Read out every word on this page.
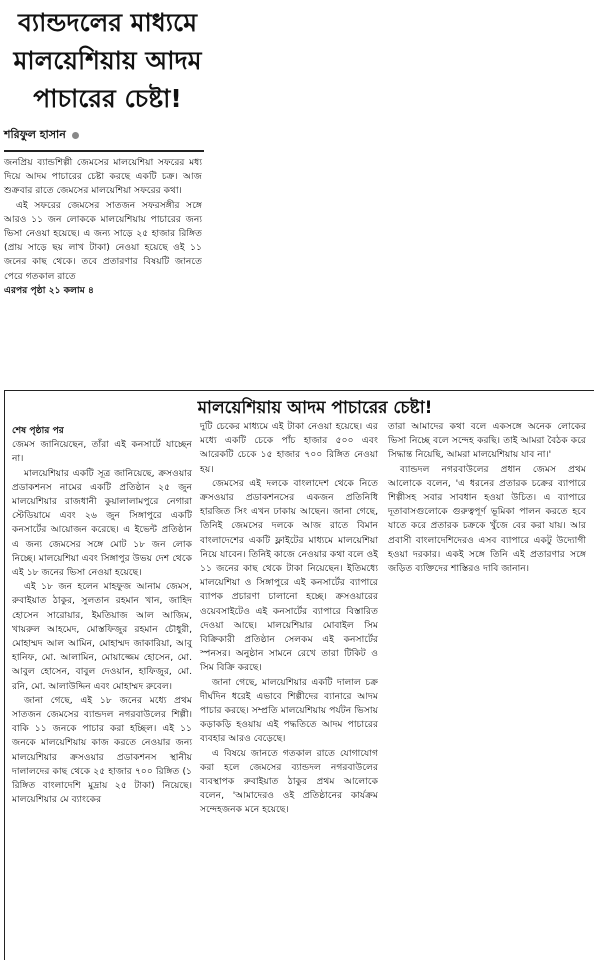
ব্যান্ডদলের মাধ্যমে
মালয়েশিয়ায় আদম
পাচারের চেষ্টা!
শরিফুল হাসান

জনপ্রিয় ব্যান্ডশিল্পী জেমসের মালয়েশিয়া সফরের মধ্য দিয়ে আদম পাচারের চেষ্টা করছে একটি চক্র। আজ শুক্রবার রাতে জেমসের মালয়েশিয়া সফরের কথা।

এই সফরের জেমসের সাতজন সফরসঙ্গীর সঙ্গে আরও ১১ জন লোককে মালয়েশিয়ায় পাচারের জন্য ভিসা নেওয়া হয়েছে। এ জন্য সাড়ে ২৫ হাজার রিঙ্গিত (প্রায় সাড়ে ছয় লাখ টাকা) নেওয়া হয়েছে ওই ১১ জনের কাছ থেকে। তবে প্রতারণার বিষয়টি জানতে পেরে গতকাল রাতে

এরপর পৃষ্ঠা ২১ কলাম ৪

মালয়েশিয়ায় আদম পাচারের চেষ্টা!

শেষ পৃষ্ঠার পর

জেমস জানিয়েছেন, তাঁরা এই কনসার্টে যাচ্ছেন না।

মালয়েশিয়ার একটি সূত্র জানিয়েছে, ক্রসওয়ার প্রডাকশনস নামের একটি প্রতিষ্ঠান ২৫ জুন মালয়েশিয়ার রাজধানী কুয়ালালামপুরে নেগারা স্টেডিয়ামে এবং ২৬ জুন সিঙ্গাপুরে একটি কনসার্টের আয়োজন করেছে। এ ইভেন্ট প্রতিষ্ঠান এ জন্য জেমসের সঙ্গে মোট ১৮ জন লোক নিচ্ছে। মালয়েশিয়া এবং সিঙ্গাপুর উভয় দেশ থেকে এই ১৮ জনের ভিসা নেওয়া হয়েছে।

এই ১৮ জন হলেন মাহফুজ আনাম জেমস, রুবাইয়াত ঠাকুর, সুলতান রহমান খান, জাহিদ হোসেন সারোয়ার, ইমতিয়াজ আল আজিম, খায়রুল আহমেদ, মোস্তফিজুর রহমান চৌধুরী, মোহাম্মদ আল আমিন, মোহাম্মদ জাকারিয়া, আবু হানিফ, মো. আলামিন, মোয়াজ্জেম হোসেন, মো. আবুল হোসেন, বাবুল দেওয়ান, হাফিজুর, মো. রনি, মো. আলাউদ্দিন এবং মোহাম্মদ রুবেল।

জানা গেছে, এই ১৮ জনের মধ্যে প্রথম সাতজন জেমসের ব্যান্ডদল নগরবাউলের শিল্পী। বাকি ১১ জনকে পাচার করা হচ্ছিল। এই ১১ জনকে মালয়েশিয়ায় কাজ করতে নেওয়ার জন্য মালয়েশিয়ার ক্রসওয়ার প্রডাকশনস স্থানীয় দালালদের কাছ থেকে ২৫ হাজার ৭০০ রিঙ্গিত (১ রিঙ্গিত বাংলাদেশি মুদ্রায় ২৫ টাকা) নিয়েছে। মালয়েশিয়ার মে ব্যাংকের

দুটি চেকের মাধ্যমে এই টাকা নেওয়া হয়েছে। এর মধ্যে একটি চেকে পাঁচ হাজার ৫০০ এবং আরেকটি চেকে ১৫ হাজার ৭০০ রিঙ্গিত নেওয়া হয়।

জেমসের এই দলকে বাংলাদেশ থেকে নিতে ক্রসওয়ার প্রডাকশনসের একজন প্রতিনিধি হারজিত সিং এখন ঢাকায় আছেন। জানা গেছে, তিনিই জেমসের দলকে আজ রাতে বিমান বাংলাদেশের একটি ফ্লাইটের মাধ্যমে মালয়েশিয়া নিয়ে যাবেন। তিনিই কাজে নেওয়ার কথা বলে ওই ১১ জনের কাছ থেকে টাকা নিয়েছেন। ইতিমধ্যে মালয়েশিয়া ও সিঙ্গাপুরে এই কনসার্টের ব্যাপারে ব্যাপক প্রচারণা চালানো হচ্ছে। ক্রসওয়ারের ওয়েবসাইটেও এই কনসার্টের ব্যাপারে বিস্তারিত দেওয়া আছে। মালয়েশিয়ার মোবাইল সিম বিক্রিকারী প্রতিষ্ঠান সেলকম এই কনসার্টের স্পনসর। অনুষ্ঠান সামনে রেখে তারা টিকিট ও সিম বিক্রি করছে।

জানা গেছে, মালয়েশিয়ার একটি দালাল চক্র দীর্ঘদিন ধরেই এভাবে শিল্পীদের ব্যানারে আদম পাচার করছে। সম্প্রতি মালয়েশিয়ায় পর্যটন ভিসায় কড়াকড়ি হওয়ায় এই পদ্ধতিতে আদম পাচারের ব্যবহার আরও বেড়েছে।

এ বিষয়ে জানতে গতকাল রাতে যোগাযোগ করা হলে জেমসের ব্যান্ডদল নগরবাউলের ব্যবস্থাপক রুবাইয়াত ঠাকুর প্রথম আলোকে বলেন, 'আমাদেরও ওই প্রতিষ্ঠানের কার্যক্রম সন্দেহজনক মনে হয়েছে।

তারা আমাদের কথা বলে একসঙ্গে অনেক লোকের ভিসা নিচ্ছে বলে সন্দেহ করছি। তাই আমরা বৈঠক করে সিদ্ধান্ত নিয়েছি, আমরা মালয়েশিয়ায় যাব না।'

ব্যান্ডদল নগরবাউলের প্রধান জেমস প্রথম আলোকে বলেন, 'এ ধরনের প্রতারক চক্রের ব্যাপারে শিল্পীসহ সবার সাবধান হওয়া উচিত। এ ব্যাপারে দূতাবাসগুলোকে গুরুত্বপূর্ণ ভূমিকা পালন করতে হবে যাতে করে প্রতারক চক্রকে খুঁজে বের করা যায়। আর প্রবাসী বাংলাদেশিদেরও এসব ব্যাপারে একটু উদ্যোগী হওয়া দরকার। একই সঙ্গে তিনি এই প্রতারণার সঙ্গে জড়িত ব্যক্তিদের শাস্তিরও দাবি জানান।
